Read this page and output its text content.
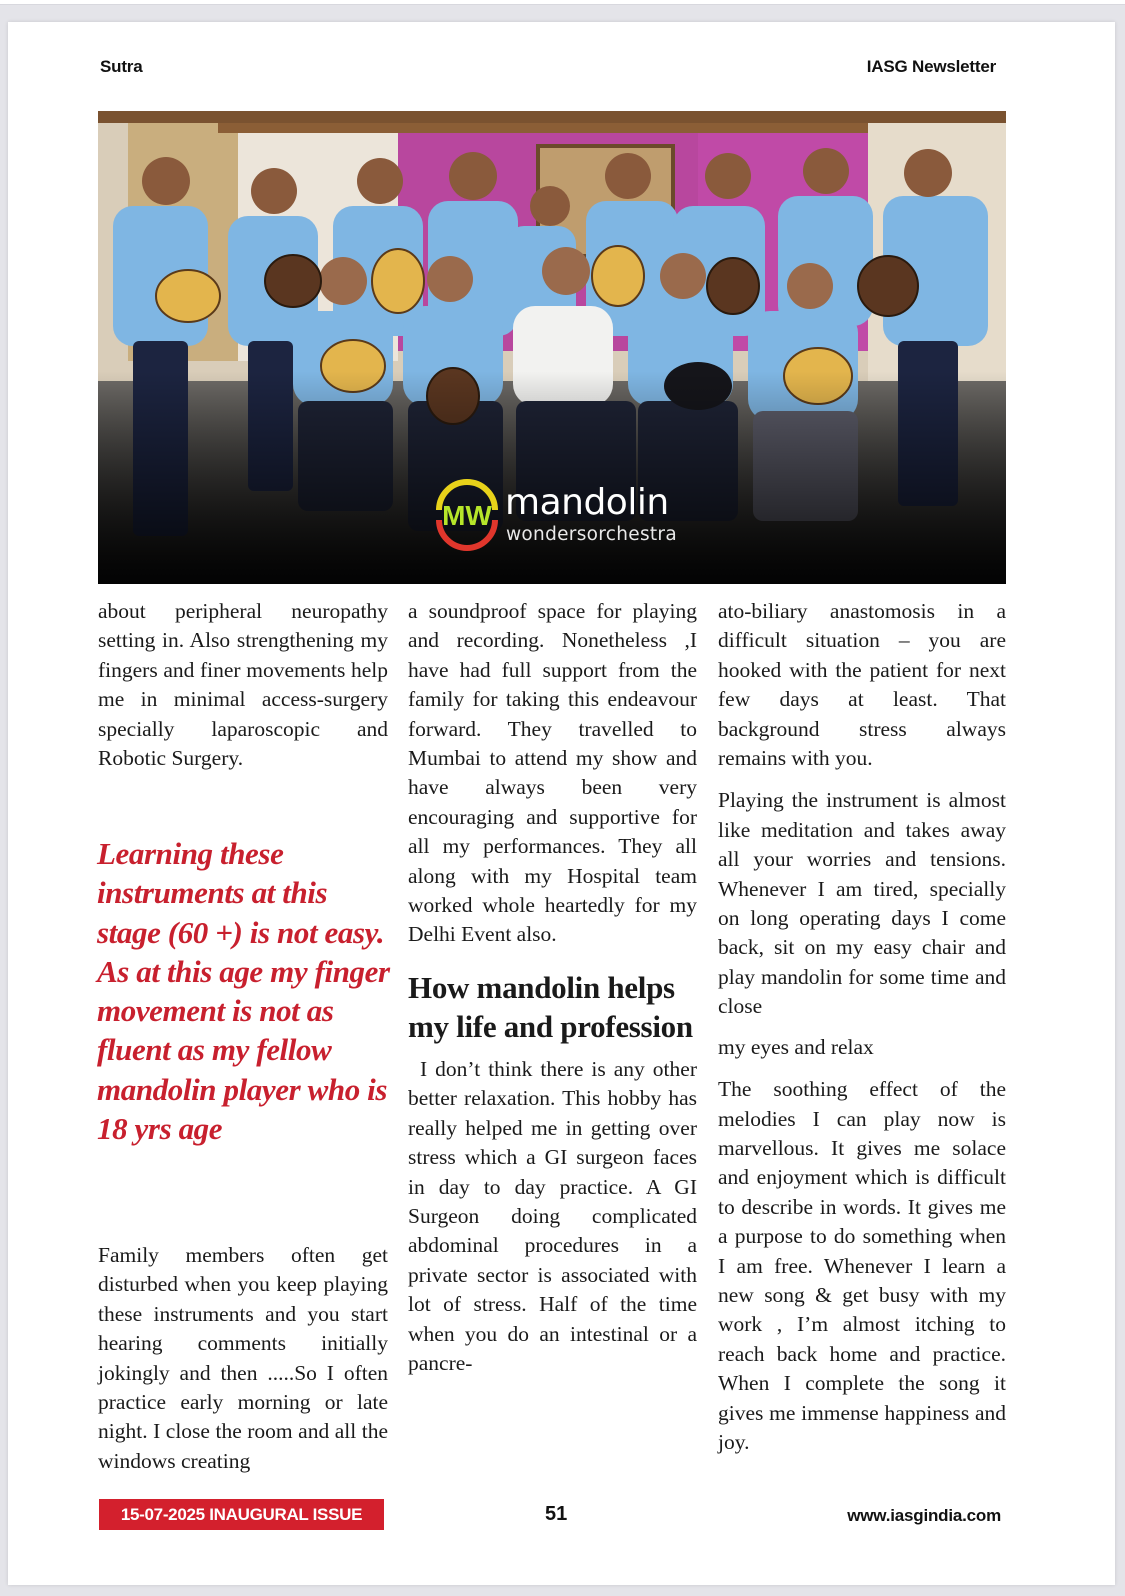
Sutra	IASG Newsletter
MW mandolin
wondersorchestra

about peripheral neuropathy setting in. Also strengthening my fingers and finer movements help me in minimal access-surgery specially laparoscopic and Robotic Surgery.

Learning these instruments at this stage (60 +) is not easy. As at this age my finger movement is not as fluent as my fellow mandolin player who is 18 yrs age

Family members often get disturbed when you keep playing these instruments and you start hearing comments initially jokingly and then .....So I often practice early morning or late night. I close the room and all the windows creating

a soundproof space for playing and recording. Nonetheless ,I have had full support from the family for taking this endeavour forward. They travelled to Mumbai to attend my show and have always been very encouraging and supportive for all my performances. They all along with my Hospital team worked whole heartedly for my Delhi Event also.

How mandolin helps my life and profession

I don’t think there is any other better relaxation. This hobby has really helped me in getting over stress which a GI surgeon faces in day to day practice. A GI Surgeon doing complicated abdominal procedures in a private sector is associated with lot of stress. Half of the time when you do an intestinal or a pancre-

ato-biliary anastomosis in a difficult situation – you are hooked with the patient for next few days at least. That background stress always remains with you.

Playing the instrument is almost like meditation and takes away all your worries and tensions. Whenever I am tired, specially on long operating days I come back, sit on my easy chair and play mandolin for some time and close

my eyes and relax

The soothing effect of the melodies I can play now is marvellous. It gives me solace and enjoyment which is difficult to describe in words. It gives me a purpose to do something when I am free. Whenever I learn a new song & get busy with my work , I’m almost itching to reach back home and practice. When I complete the song it gives me immense happiness and joy.

15-07-2025 INAUGURAL ISSUE	51	www.iasgindia.com
